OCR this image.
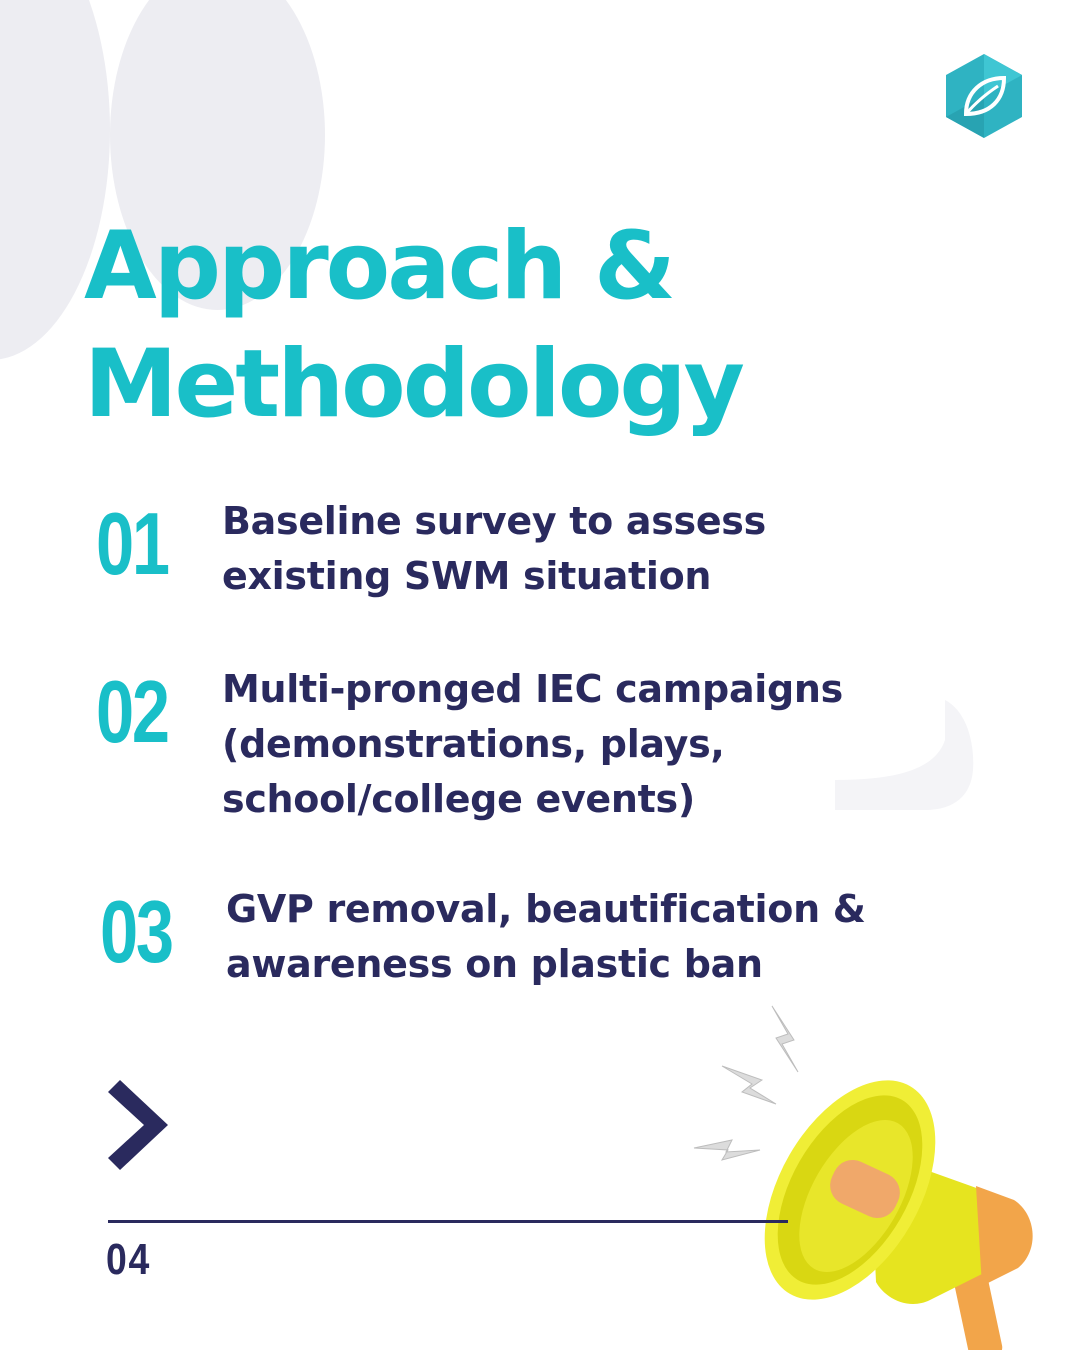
Approach &
Methodology
01 Baseline survey to assess
existing SWM situation
02 Multi-pronged IEC campaigns
(demonstrations, plays,
school/college events)
03 GVP removal, beautification &
awareness on plastic ban
04
